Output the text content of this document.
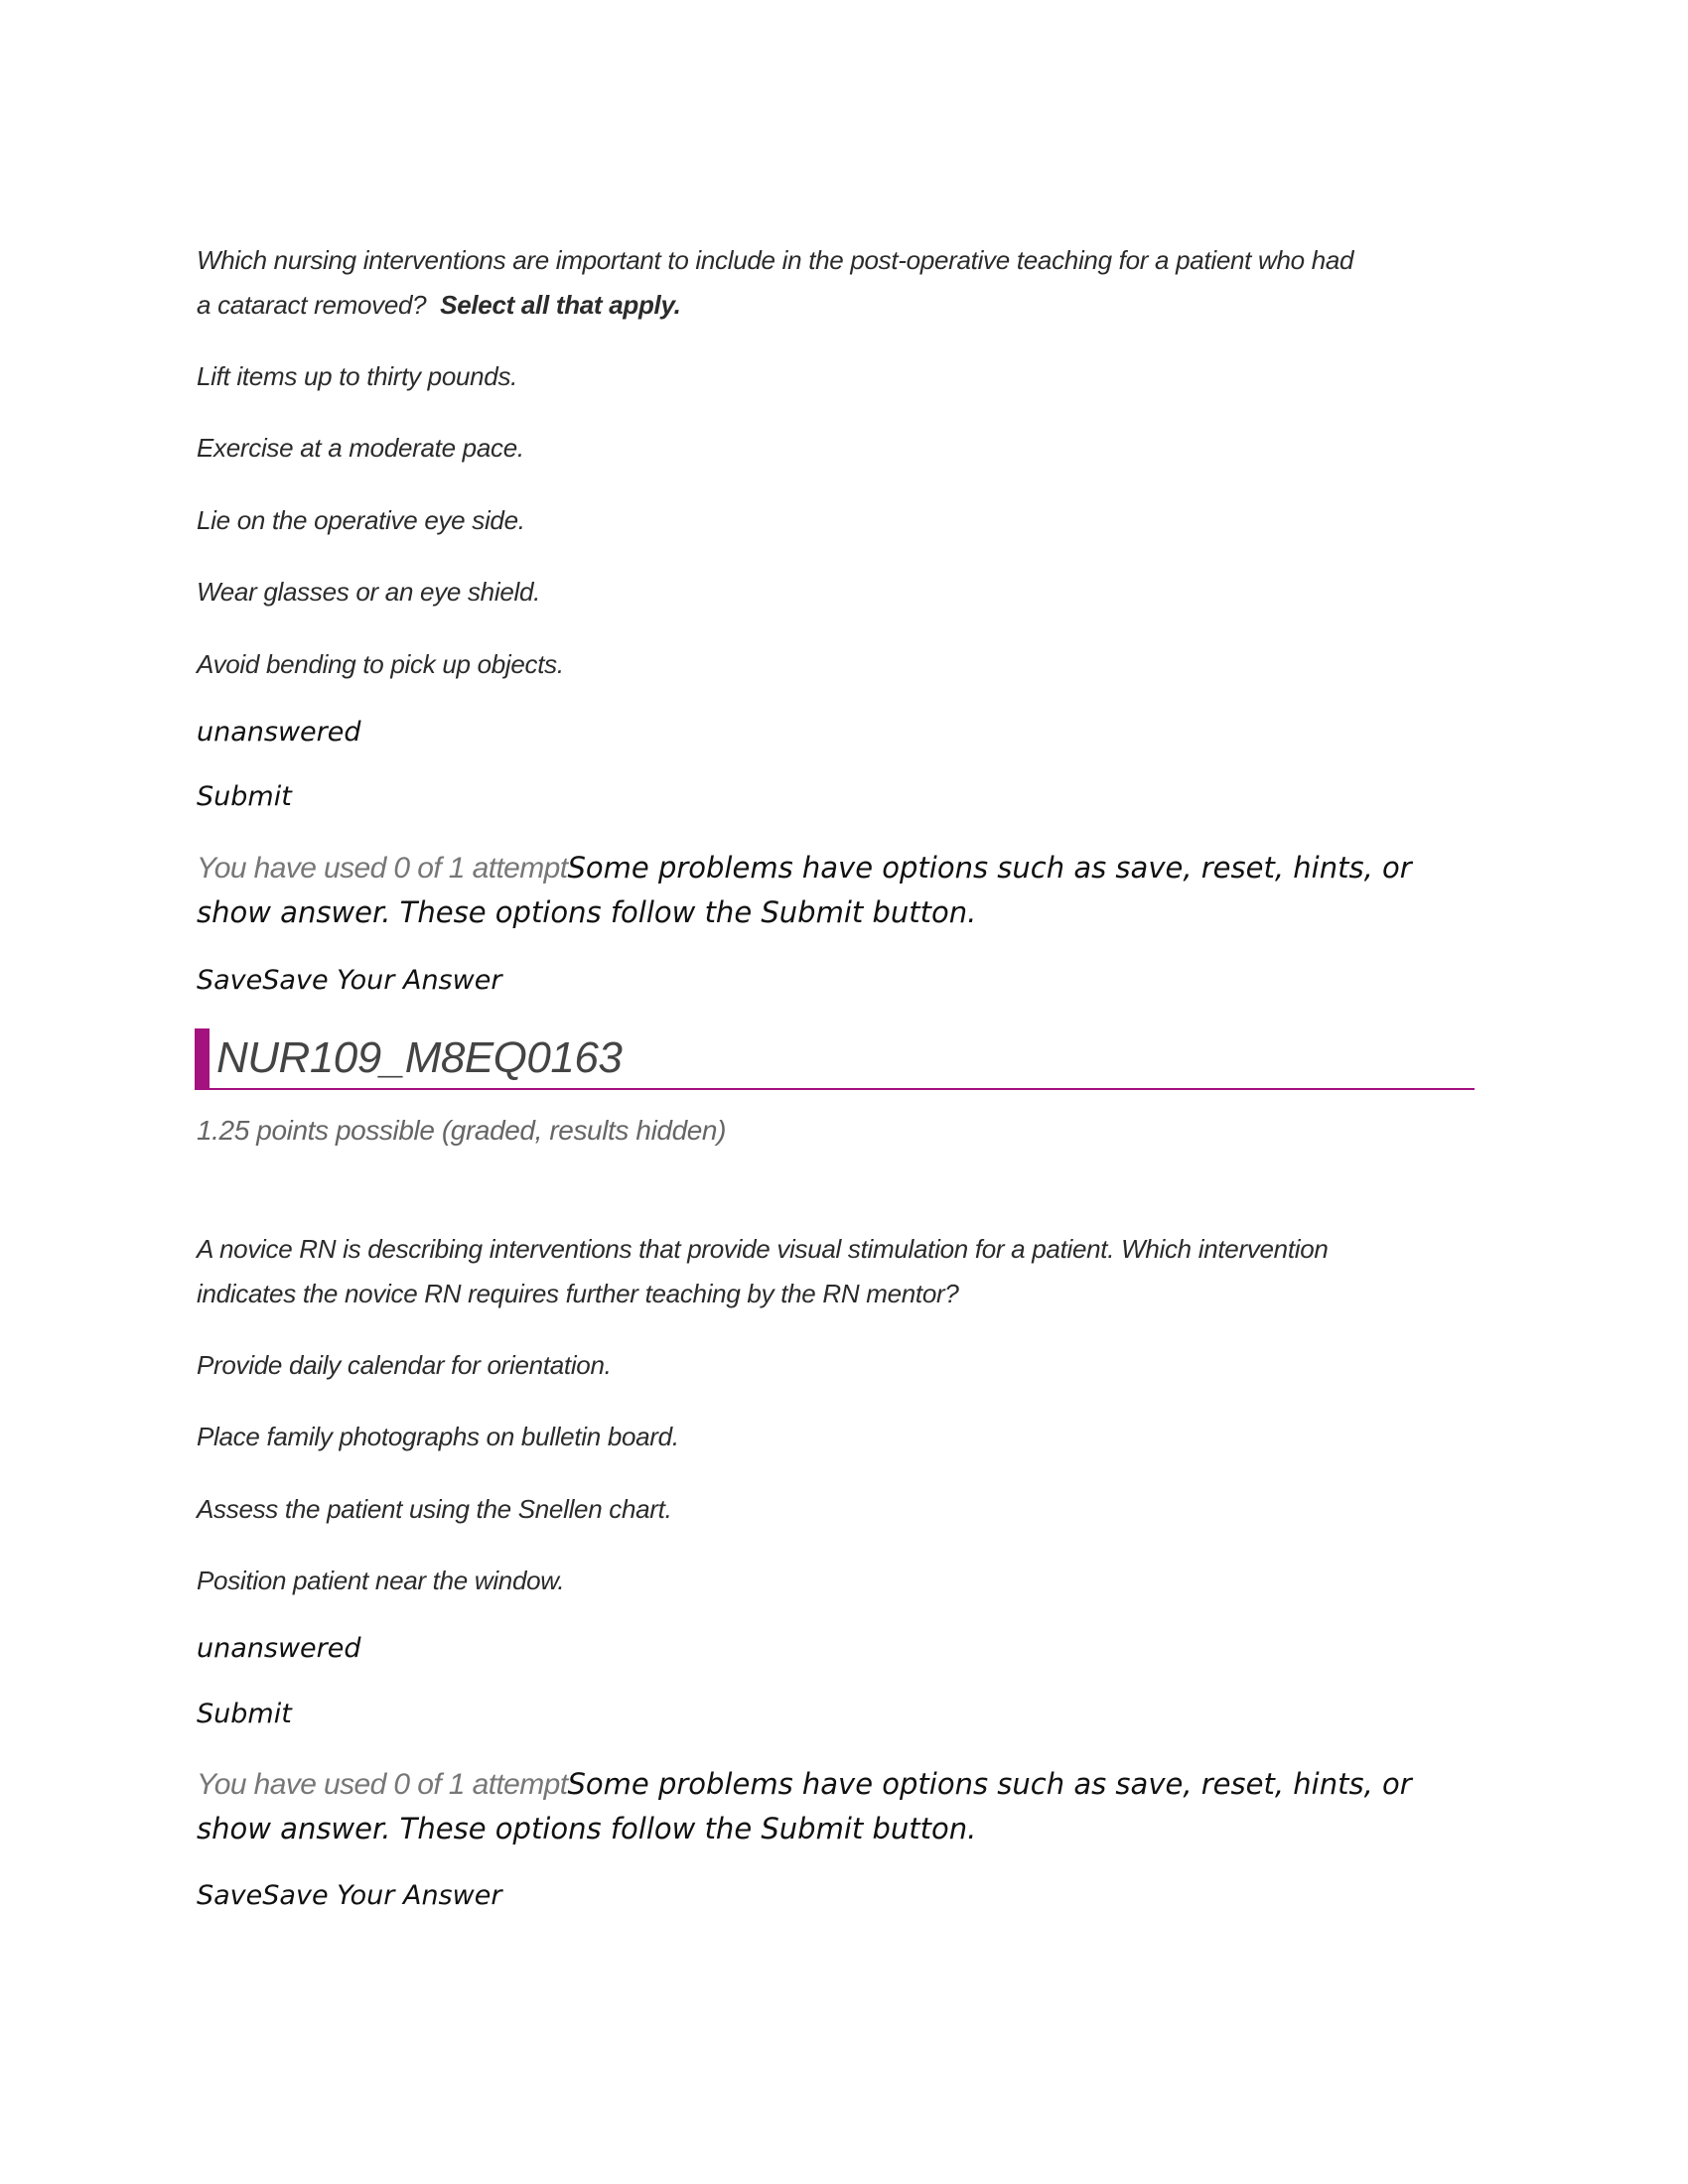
Which nursing interventions are important to include in the post-operative teaching for a patient who had
a cataract removed? Select all that apply.
Lift items up to thirty pounds.
Exercise at a moderate pace.
Lie on the operative eye side.
Wear glasses or an eye shield.
Avoid bending to pick up objects.
unanswered
Submit
You have used 0 of 1 attemptSome problems have options such as save, reset, hints, or
show answer. These options follow the Submit button.
SaveSave Your Answer
NUR109_M8EQ0163
1.25 points possible (graded, results hidden)
A novice RN is describing interventions that provide visual stimulation for a patient. Which intervention
indicates the novice RN requires further teaching by the RN mentor?
Provide daily calendar for orientation.
Place family photographs on bulletin board.
Assess the patient using the Snellen chart.
Position patient near the window.
unanswered
Submit
You have used 0 of 1 attemptSome problems have options such as save, reset, hints, or
show answer. These options follow the Submit button.
SaveSave Your Answer
